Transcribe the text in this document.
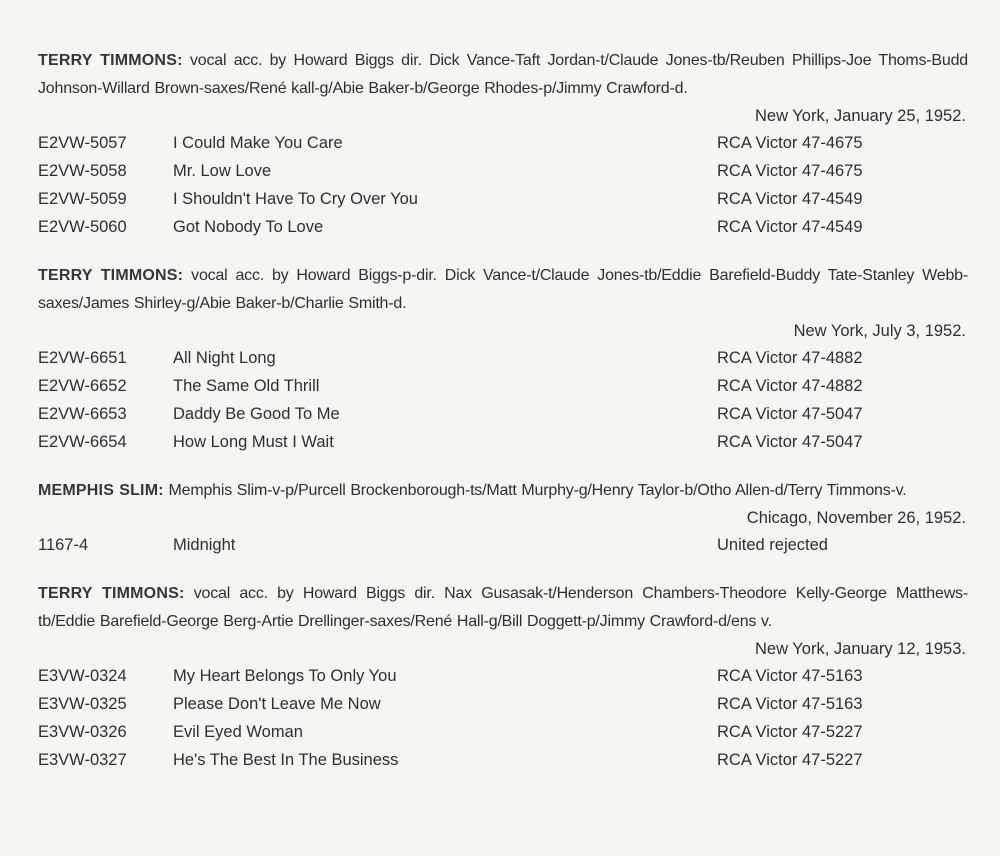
TERRY TIMMONS: vocal acc. by Howard Biggs dir. Dick Vance-Taft Jordan-t/Claude Jones-tb/Reuben Phillips-Joe Thoms-Budd Johnson-Willard Brown-saxes/René kall-g/Abie Baker-b/George Rhodes-p/Jimmy Crawford-d.
New York, January 25, 1952.
E2VW-5057	I Could Make You Care	RCA Victor 47-4675
E2VW-5058	Mr. Low Love	RCA Victor 47-4675
E2VW-5059	I Shouldn't Have To Cry Over You	RCA Victor 47-4549
E2VW-5060	Got Nobody To Love	RCA Victor 47-4549
TERRY TIMMONS: vocal acc. by Howard Biggs-p-dir. Dick Vance-t/Claude Jones-tb/Eddie Barefield-Buddy Tate-Stanley Webb-saxes/James Shirley-g/Abie Baker-b/Charlie Smith-d.
New York, July 3, 1952.
E2VW-6651	All Night Long	RCA Victor 47-4882
E2VW-6652	The Same Old Thrill	RCA Victor 47-4882
E2VW-6653	Daddy Be Good To Me	RCA Victor 47-5047
E2VW-6654	How Long Must I Wait	RCA Victor 47-5047
MEMPHIS SLIM: Memphis Slim-v-p/Purcell Brockenborough-ts/Matt Murphy-g/Henry Taylor-b/Otho Allen-d/Terry Timmons-v.
Chicago, November 26, 1952.
1167-4	Midnight	United rejected
TERRY TIMMONS: vocal acc. by Howard Biggs dir. Nax Gusasak-t/Henderson Chambers-Theodore Kelly-George Matthews-tb/Eddie Barefield-George Berg-Artie Drellinger-saxes/René Hall-g/Bill Doggett-p/Jimmy Crawford-d/ens v.
New York, January 12, 1953.
E3VW-0324	My Heart Belongs To Only You	RCA Victor 47-5163
E3VW-0325	Please Don't Leave Me Now	RCA Victor 47-5163
E3VW-0326	Evil Eyed Woman	RCA Victor 47-5227
E3VW-0327	He's The Best In The Business	RCA Victor 47-5227
